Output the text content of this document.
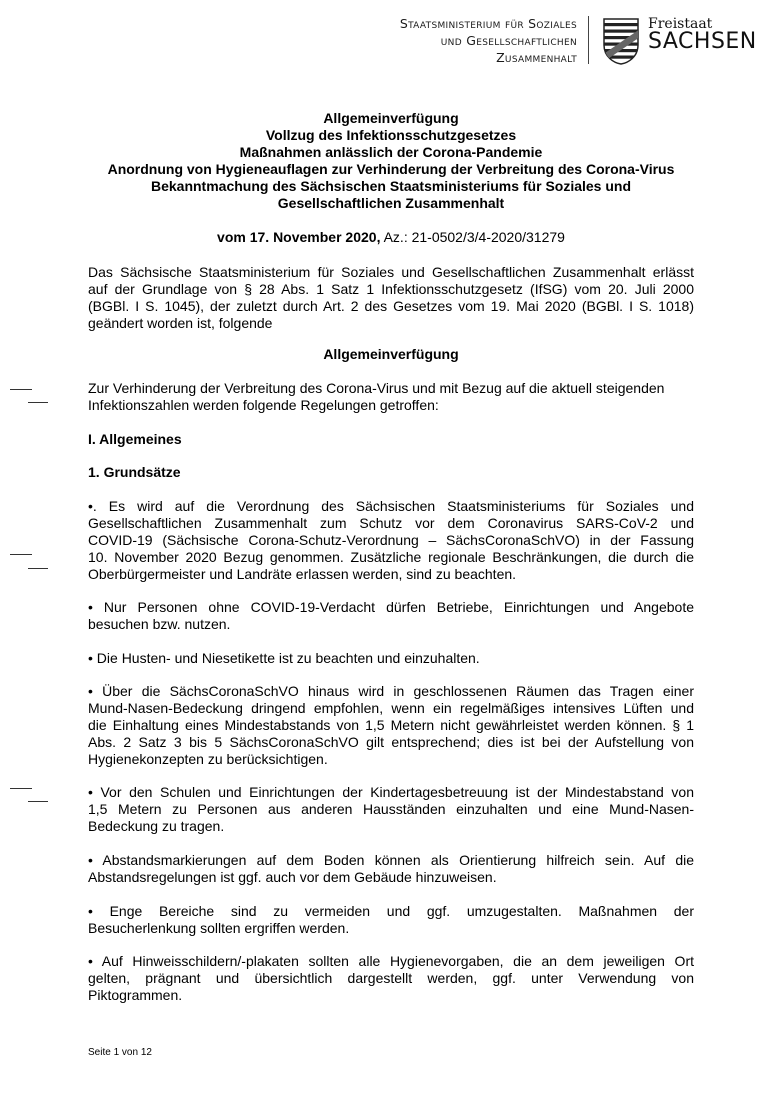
Staatsministerium für Soziales
und Gesellschaftlichen
Zusammenhalt
Freistaat
SACHSEN
Allgemeinverfügung
Vollzug des Infektionsschutzgesetzes
Maßnahmen anlässlich der Corona-Pandemie
Anordnung von Hygieneauflagen zur Verhinderung der Verbreitung des Corona-Virus
Bekanntmachung des Sächsischen Staatsministeriums für Soziales und
Gesellschaftlichen Zusammenhalt
vom 17. November 2020, Az.: 21-0502/3/4-2020/31279
Das Sächsische Staatsministerium für Soziales und Gesellschaftlichen Zusammenhalt erlässt
auf der Grundlage von § 28 Abs. 1 Satz 1 Infektionsschutzgesetz (IfSG) vom 20. Juli 2000
(BGBl. I S. 1045), der zuletzt durch Art. 2 des Gesetzes vom 19. Mai 2020 (BGBl. I S. 1018)
geändert worden ist, folgende
Allgemeinverfügung
Zur Verhinderung der Verbreitung des Corona-Virus und mit Bezug auf die aktuell steigenden
Infektionszahlen werden folgende Regelungen getroffen:
I. Allgemeines
1. Grundsätze
•. Es wird auf die Verordnung des Sächsischen Staatsministeriums für Soziales und
Gesellschaftlichen Zusammenhalt zum Schutz vor dem Coronavirus SARS-CoV-2 und
COVID-19 (Sächsische Corona-Schutz-Verordnung – SächsCoronaSchVO) in der Fassung
10. November 2020 Bezug genommen. Zusätzliche regionale Beschränkungen, die durch die
Oberbürgermeister und Landräte erlassen werden, sind zu beachten.
• Nur Personen ohne COVID-19-Verdacht dürfen Betriebe, Einrichtungen und Angebote
besuchen bzw. nutzen.
• Die Husten- und Niesetikette ist zu beachten und einzuhalten.
• Über die SächsCoronaSchVO hinaus wird in geschlossenen Räumen das Tragen einer
Mund-Nasen-Bedeckung dringend empfohlen, wenn ein regelmäßiges intensives Lüften und
die Einhaltung eines Mindestabstands von 1,5 Metern nicht gewährleistet werden können. § 1
Abs. 2 Satz 3 bis 5 SächsCoronaSchVO gilt entsprechend; dies ist bei der Aufstellung von
Hygienekonzepten zu berücksichtigen.
• Vor den Schulen und Einrichtungen der Kindertagesbetreuung ist der Mindestabstand von
1,5 Metern zu Personen aus anderen Hausständen einzuhalten und eine Mund-Nasen-
Bedeckung zu tragen.
• Abstandsmarkierungen auf dem Boden können als Orientierung hilfreich sein. Auf die
Abstandsregelungen ist ggf. auch vor dem Gebäude hinzuweisen.
• Enge Bereiche sind zu vermeiden und ggf. umzugestalten. Maßnahmen der
Besucherlenkung sollten ergriffen werden.
• Auf Hinweisschildern/-plakaten sollten alle Hygienevorgaben, die an dem jeweiligen Ort
gelten, prägnant und übersichtlich dargestellt werden, ggf. unter Verwendung von
Piktogrammen.
Seite 1 von 12
